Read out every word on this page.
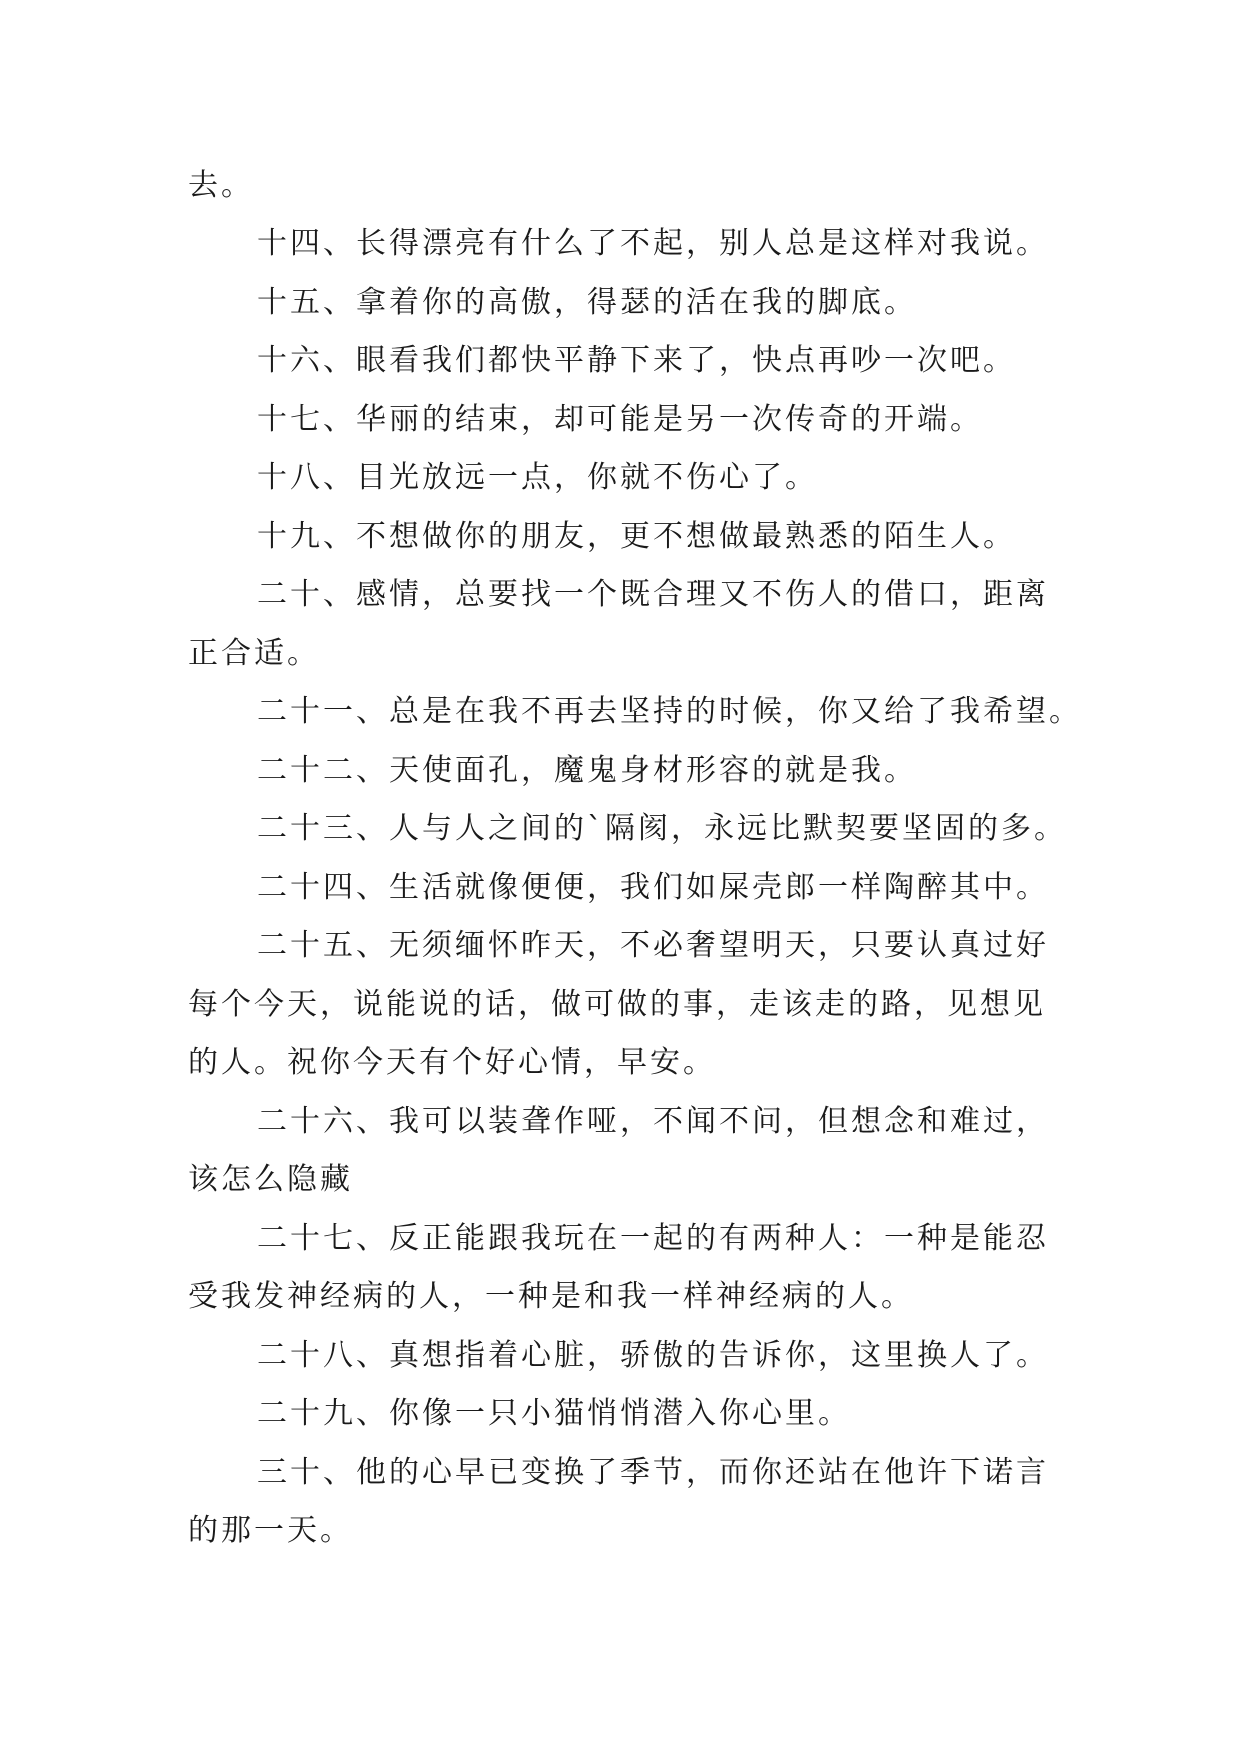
去。
十四、长得漂亮有什么了不起，别人总是这样对我说。
十五、拿着你的高傲，得瑟的活在我的脚底。
十六、眼看我们都快平静下来了，快点再吵一次吧。
十七、华丽的结束，却可能是另一次传奇的开端。
十八、目光放远一点，你就不伤心了。
十九、不想做你的朋友，更不想做最熟悉的陌生人。
二十、感情，总要找一个既合理又不伤人的借口，距离
正合适。
二十一、总是在我不再去坚持的时候，你又给了我希望。
二十二、天使面孔，魔鬼身材形容的就是我。
二十三、人与人之间的`隔阂，永远比默契要坚固的多。
二十四、生活就像便便，我们如屎壳郎一样陶醉其中。
二十五、无须缅怀昨天，不必奢望明天，只要认真过好
每个今天，说能说的话，做可做的事，走该走的路，见想见
的人。祝你今天有个好心情，早安。
二十六、我可以装聋作哑，不闻不问，但想念和难过，
该怎么隐藏
二十七、反正能跟我玩在一起的有两种人：一种是能忍
受我发神经病的人，一种是和我一样神经病的人。
二十八、真想指着心脏，骄傲的告诉你，这里换人了。
二十九、你像一只小猫悄悄潜入你心里。
三十、他的心早已变换了季节，而你还站在他许下诺言
的那一天。
